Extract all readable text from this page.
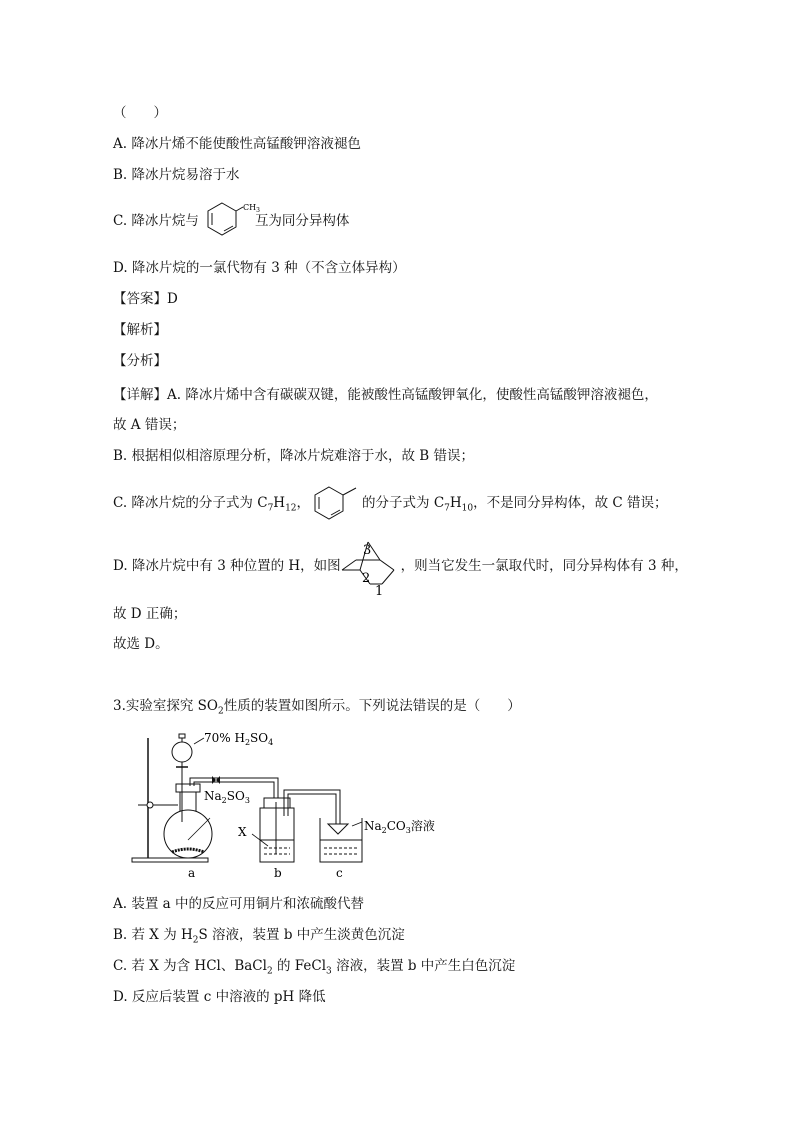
（　　）
A. 降冰片烯不能使酸性高锰酸钾溶液褪色
B. 降冰片烷易溶于水
C. 降冰片烷与	互为同分异构体
$CH_3$
D. 降冰片烷的一氯代物有 3 种（不含立体异构）
【答案】D
【解析】
【分析】
【详解】A. 降冰片烯中含有碳碳双键，能被酸性高锰酸钾氧化，使酸性高锰酸钾溶液褪色，
故 A 错误；
B. 根据相似相溶原理分析，降冰片烷难溶于水，故 B 错误；
C. 降冰片烷的分子式为 $C_7H_{12}$，	的分子式为 $C_7H_{10}$，不是同分异构体，故 C 错误；
D. 降冰片烷中有 3 种位置的 H，如图	，则当它发生一氯取代时，同分异构体有 3 种，
3
2
1
故 D 正确；
故选 D。
3.实验室探究 $SO_2$性质的装置如图所示。下列说法错误的是（　　）
70% $H_2SO_4$
$Na_2SO_3$
X	$Na_2CO_3$溶液
a	b	c
A. 装置 a 中的反应可用铜片和浓硫酸代替
B. 若 X 为 $H_2S$ 溶液，装置 b 中产生淡黄色沉淀
C. 若 X 为含 HCl、BaCl$_2$ 的 FeCl$_3$ 溶液，装置 b 中产生白色沉淀
D. 反应后装置 c 中溶液的 pH 降低
